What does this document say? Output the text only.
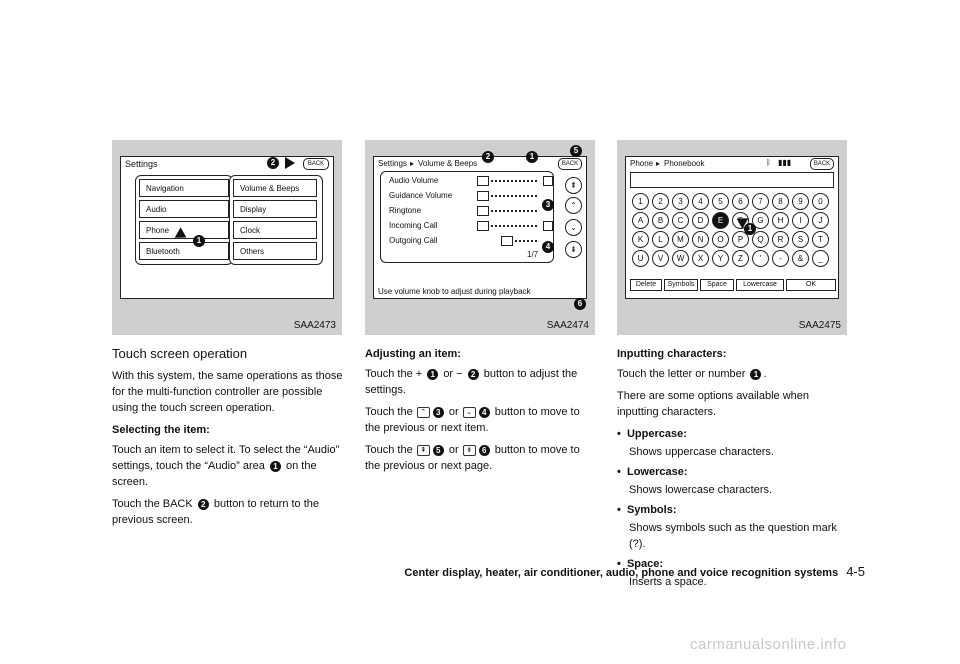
Settings	BACK
2
Navigation
Audio
Phone
Bluetooth
1
Volume & Beeps
Display
Clock
Others
SAA2473
Settings ▸ Volume & Beeps	BACK
2	1
5
Audio Volume
Guidance Volume
Ringtone
Incoming Call
Outgoing Call
1/7
3
4
⇞
⌃
⌄
⇟
6
Use volume knob to adjust during playback
SAA2474
Phone ▸ Phonebook	ᛒ ▮▮▮	BACK
1	2	3	4	5	6	7	8	9	0
A	B	C	D	E	F	G	H	I	J
K	L	M	N	O	P	Q	R	S	T
U	V	W	X	Y	Z	'	-	&	_
1
Delete	Symbols	Space	Lowercase	OK
SAA2475
Touch screen operation

With this system, the same operations as those for the multi-function controller are possible using the touch screen operation.

Selecting the item:

Touch an item to select it. To select the “Audio” settings, touch the “Audio” area 1 on the screen.

Touch the BACK 2 button to return to the previous screen.

Adjusting an item:

Touch the + 1 or − 2 button to adjust the settings.

Touch the ⌃ 3 or ⌄ 4 button to move to the previous or next item.

Touch the ⇞ 5 or ⇟ 6 button to move to the previous or next page.

Inputting characters:

Touch the letter or number 1 .

There are some options available when inputting characters.

•  Uppercase:
Shows uppercase characters.
•  Lowercase:
Shows lowercase characters.
•  Symbols:
Shows symbols such as the question mark (?).
•  Space:
Inserts a space.
Center display, heater, air conditioner, audio, phone and voice recognition systems 4-5
carmanualsonline.info
